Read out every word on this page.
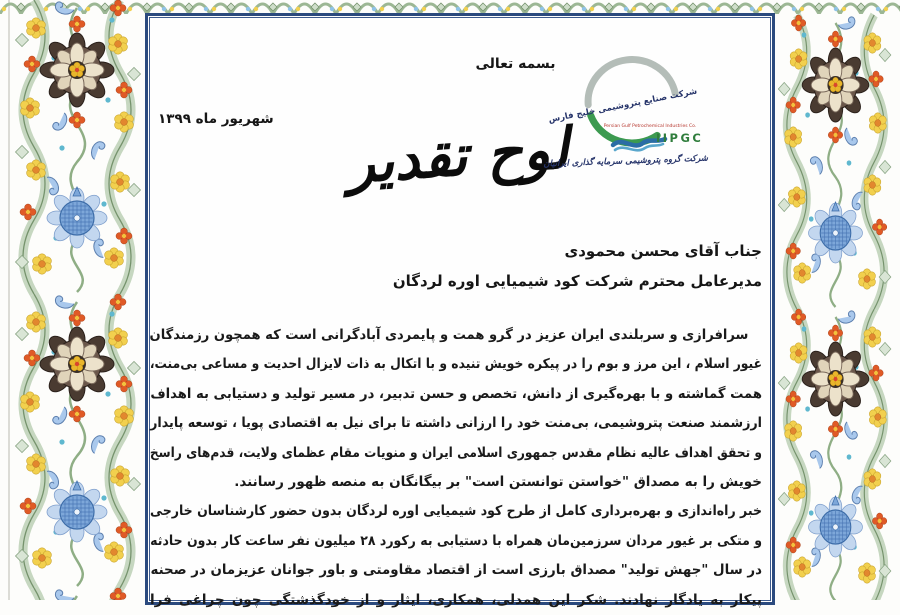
بسمه تعالی
شهریور ماه ۱۳۹۹ لوح تقدیر
شرکت صنایع پتروشیمی خلیج فارس
Persian Gulf Petrochemical Industries Co.
IIPGC
شرکت گروه پتروشیمی سرمایه گذاری ایرانیان
جناب آقای محسن محمودی
مدیرعامل محترم شرکت کود شیمیایی اوره لردگان
سرافرازی و سربلندی ایران عزیز در گرو همت و پایمردی آبادگرانی است که همچون رزمندگان
غیور اسلام ، این مرز و بوم را در پیکره خویش تنیده و با اتکال به ذات لایزال احدیت و مساعی بی‌منت،
همت گماشته و با بهره‌گیری از دانش، تخصص و حسن تدبیر، در مسیر تولید و دستیابی به اهداف
ارزشمند صنعت پتروشیمی، بی‌منت خود را ارزانی داشته تا برای نیل به اقتصادی پویا ، توسعه پایدار
و تحقق اهداف عالیه نظام مقدس جمهوری اسلامی ایران و منویات مقام عظمای ولایت، قدم‌های راسخ
خویش را به مصداق "خواستن توانستن است" بر بیگانگان به منصه ظهور رسانند.
خبر راه‌اندازی و بهره‌برداری کامل از طرح کود شیمیایی اوره لردگان بدون حضور کارشناسان خارجی
و متکی بر غیور مردان سرزمین‌مان همراه با دستیابی به رکورد ۲۸ میلیون نفر ساعت کار بدون حادثه
در سال "جهش تولید" مصداق بارزی است از اقتصاد مقاومتی و باور جوانان عزیزمان در صحنه
پیکار به یادگار نهادند. شکر این همدلی، همکاری، ایثار و از خودگذشتگی چون چراغی فرا
